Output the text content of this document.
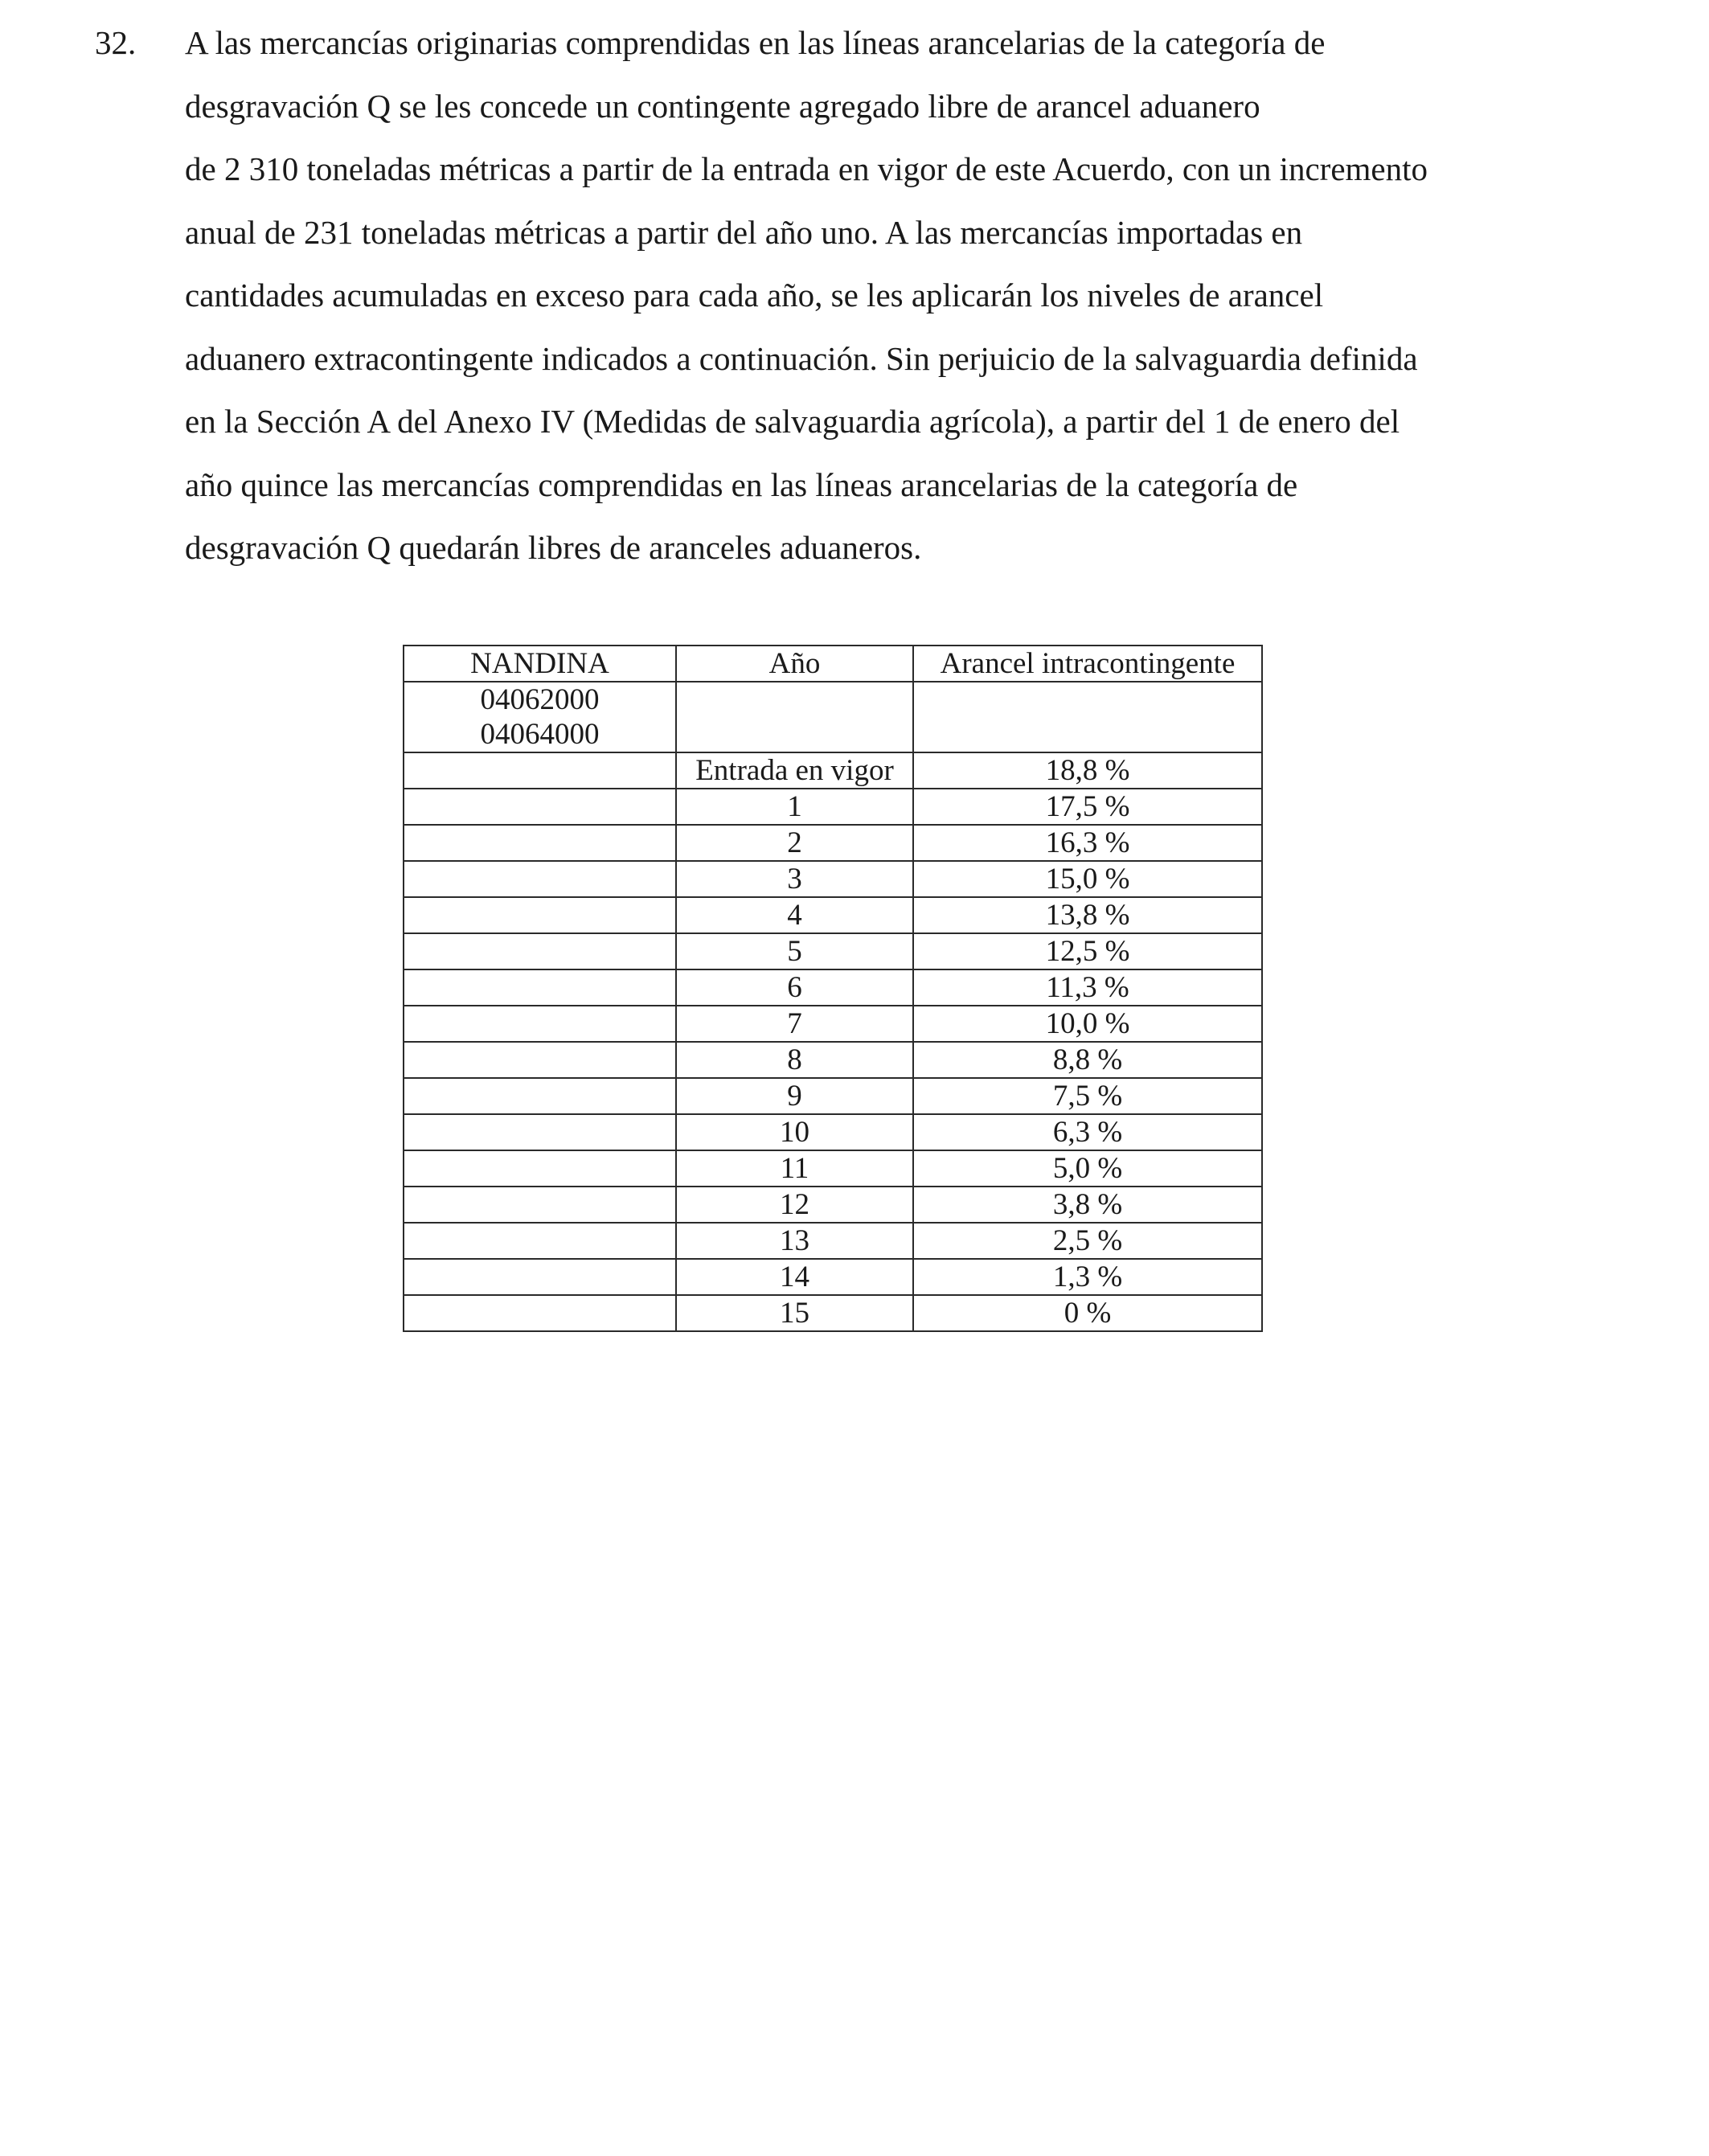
32. A las mercancías originarias comprendidas en las líneas arancelarias de la categoría de
desgravación Q se les concede un contingente agregado libre de arancel aduanero
de 2 310 toneladas métricas a partir de la entrada en vigor de este Acuerdo, con un incremento
anual de 231 toneladas métricas a partir del año uno. A las mercancías importadas en
cantidades acumuladas en exceso para cada año, se les aplicarán los niveles de arancel
aduanero extracontingente indicados a continuación. Sin perjuicio de la salvaguardia definida
en la Sección A del Anexo IV (Medidas de salvaguardia agrícola), a partir del 1 de enero del
año quince las mercancías comprendidas en las líneas arancelarias de la categoría de
desgravación Q quedarán libres de aranceles aduaneros.
NANDINA	Año	Arancel intracontingente

04062000
04064000		

	Entrada en vigor	18,8 %
	1	17,5 %
	2	16,3 %
	3	15,0 %
	4	13,8 %
	5	12,5 %
	6	11,3 %
	7	10,0 %
	8	8,8 %
	9	7,5 %
	10	6,3 %
	11	5,0 %
	12	3,8 %
	13	2,5 %
	14	1,3 %
	15	0 %
